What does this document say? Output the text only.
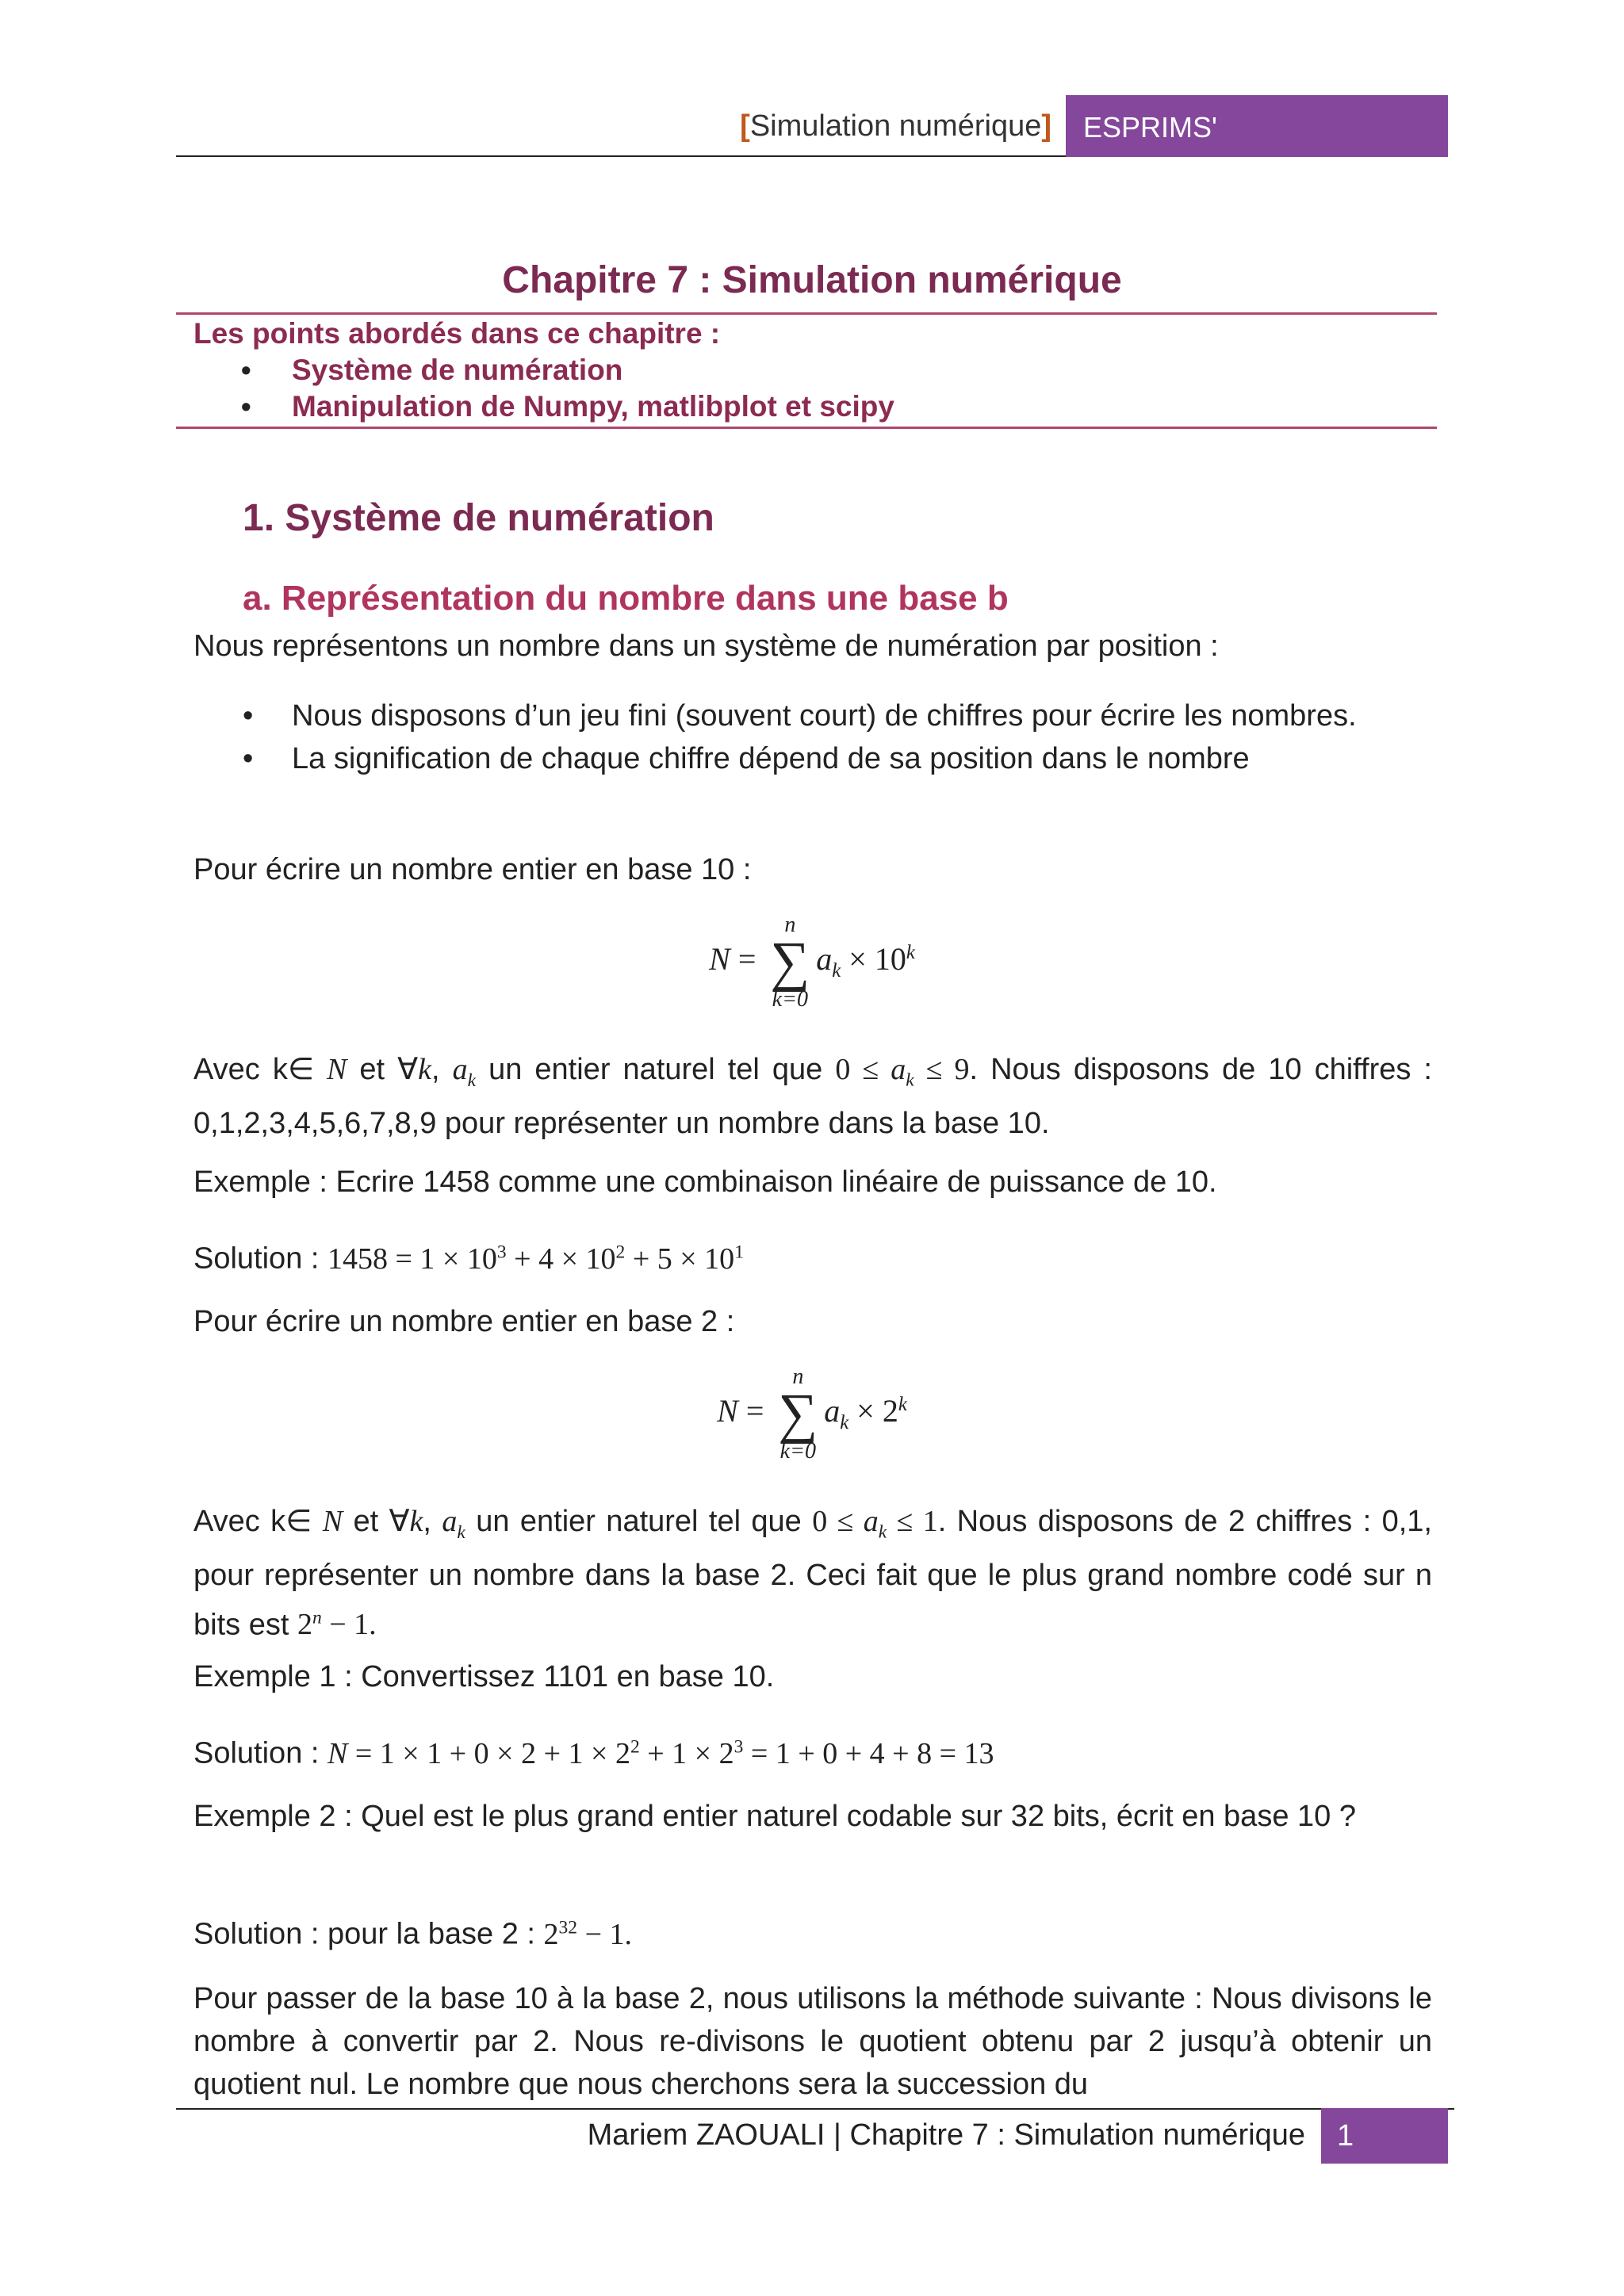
[Simulation numérique] ESPRIMS'
Chapitre 7 : Simulation numérique
Les points abordés dans ce chapitre :
• Système de numération
• Manipulation de Numpy, matlibplot et scipy
1. Système de numération
a. Représentation du nombre dans une base b
Nous représentons un nombre dans un système de numération par position :
• Nous disposons d’un jeu fini (souvent court) de chiffres pour écrire les nombres.
• La signification de chaque chiffre dépend de sa position dans le nombre
Pour écrire un nombre entier en base 10 :
N =
n
∑
k=0
$a_k \times 10^k$
Avec k∈ N et ∀k, $a_k$ un entier naturel tel que $0 \le a_k \le 9$. Nous disposons de 10 chiffres : 0,1,2,3,4,5,6,7,8,9 pour représenter un nombre dans la base 10.
Exemple : Ecrire 1458 comme une combinaison linéaire de puissance de 10.
Solution : $1458 = 1 \times 10^3 + 4 \times 10^2 + 5 \times 10^1$
Pour écrire un nombre entier en base 2 :
N =
n
∑
k=0
$a_k \times 2^k$
Avec k∈ N et ∀k, $a_k$ un entier naturel tel que $0 \le a_k \le 1$. Nous disposons de 2 chiffres : 0,1, pour représenter un nombre dans la base 2. Ceci fait que le plus grand nombre codé sur n bits est $2^n - 1$.
Exemple 1 : Convertissez 1101 en base 10.
Solution : $N = 1 \times 1 + 0 \times 2 + 1 \times 2^2 + 1 \times 2^3 = 1 + 0 + 4 + 8 = 13$
Exemple 2 : Quel est le plus grand entier naturel codable sur 32 bits, écrit en base 10 ?
Solution : pour la base 2 : $2^{32} - 1$.
Pour passer de la base 10 à la base 2, nous utilisons la méthode suivante : Nous divisons le nombre à convertir par 2. Nous re-divisons le quotient obtenu par 2 jusqu’à obtenir un quotient nul. Le nombre que nous cherchons sera la succession du
Mariem ZAOUALI | Chapitre 7 : Simulation numérique 1
